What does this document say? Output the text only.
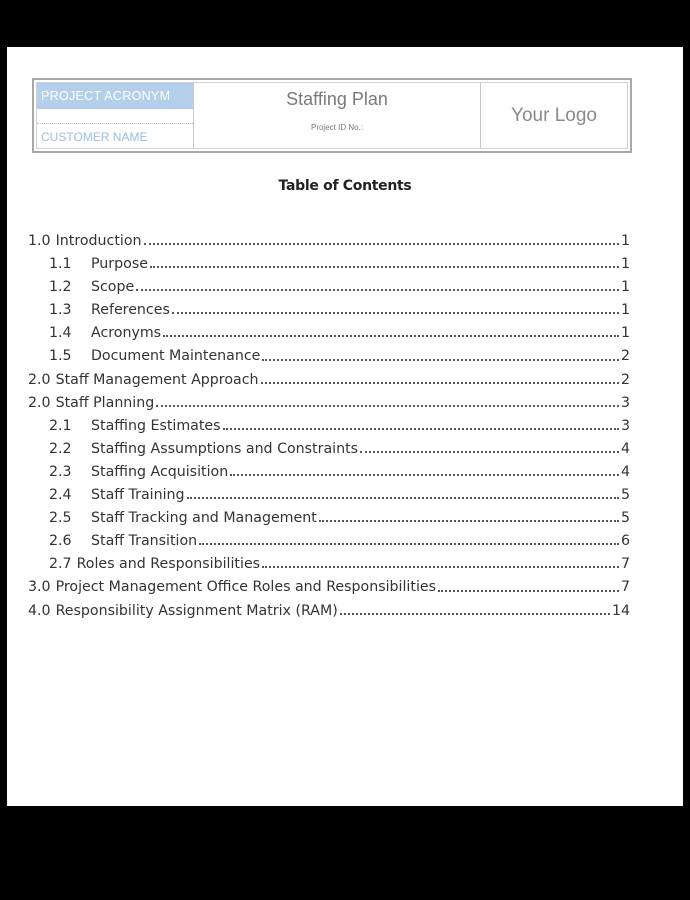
PROJECT ACRONYM
CUSTOMER NAME
Staffing Plan
Project ID No.:
Your Logo
Table of Contents
1.0 Introduction	1
1.1	Purpose	1
1.2	Scope	1
1.3	References	1
1.4	Acronyms	1
1.5	Document Maintenance	2
2.0 Staff Management Approach	2
2.0 Staff Planning	3
2.1	Staffing Estimates	3
2.2	Staffing Assumptions and Constraints	4
2.3	Staffing Acquisition	4
2.4	Staff Training	5
2.5	Staff Tracking and Management	5
2.6	Staff Transition	6
2.7 Roles and Responsibilities	7
3.0 Project Management Office Roles and Responsibilities	7
4.0 Responsibility Assignment Matrix (RAM)	14
